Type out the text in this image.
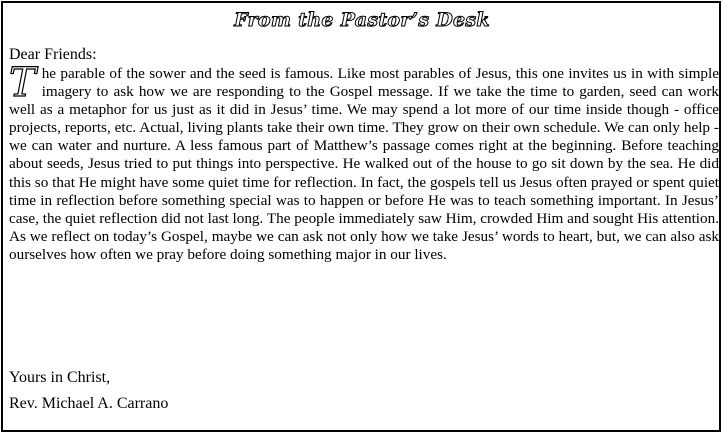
From the Pastor’s Desk
Dear Friends:

The parable of the sower and the seed is famous. Like most parables of Jesus, this one invites us in with simple imagery to ask how we are responding to the Gospel message. If we take the time to garden, seed can work well as a metaphor for us just as it did in Jesus’ time. We may spend a lot more of our time inside though - office projects, reports, etc. Actual, living plants take their own time. They grow on their own schedule. We can only help - we can water and nurture. A less famous part of Matthew’s passage comes right at the beginning. Before teaching about seeds, Jesus tried to put things into perspective. He walked out of the house to go sit down by the sea. He did this so that He might have some quiet time for reflection. In fact, the gospels tell us Jesus often prayed or spent quiet time in reflection before something special was to happen or before He was to teach something important. In Jesus’ case, the quiet reflection did not last long. The people immediately saw Him, crowded Him and sought His attention. As we reflect on today’s Gospel, maybe we can ask not only how we take Jesus’ words to heart, but, we can also ask ourselves how often we pray before doing something major in our lives.

Yours in Christ,
Rev. Michael A. Carrano
